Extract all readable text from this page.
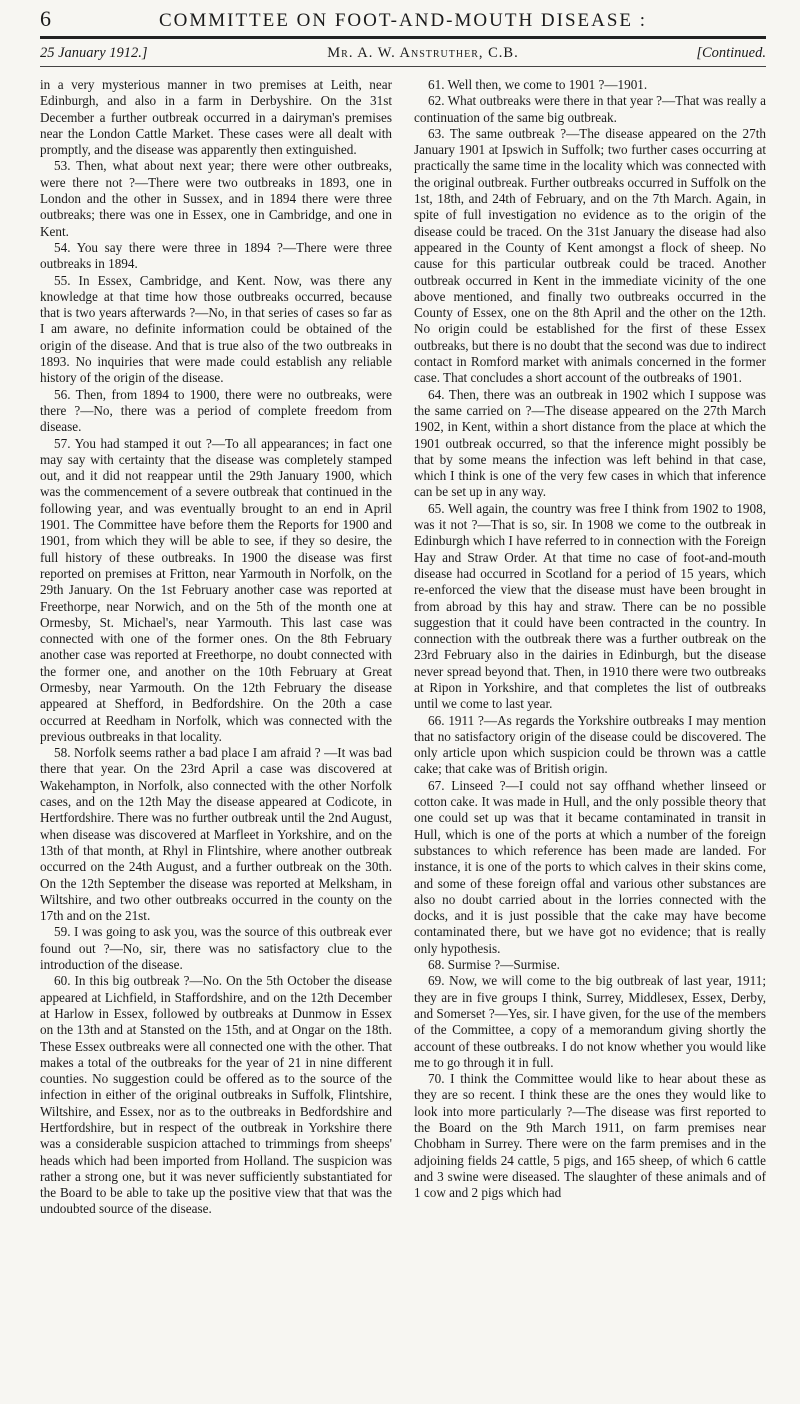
6	COMMITTEE ON FOOT-AND-MOUTH DISEASE :
25 January 1912.]	Mr. A. W. Anstruther, C.B.	[Continued.

in a very mysterious manner in two premises at Leith, near Edinburgh, and also in a farm in Derbyshire. On the 31st December a further outbreak occurred in a dairyman's premises near the London Cattle Market. These cases were all dealt with promptly, and the disease was apparently then extinguished.

53. Then, what about next year; there were other outbreaks, were there not ?—There were two outbreaks in 1893, one in London and the other in Sussex, and in 1894 there were three outbreaks; there was one in Essex, one in Cambridge, and one in Kent.

54. You say there were three in 1894 ?—There were three outbreaks in 1894.

55. In Essex, Cambridge, and Kent. Now, was there any knowledge at that time how those outbreaks occurred, because that is two years afterwards ?—No, in that series of cases so far as I am aware, no definite information could be obtained of the origin of the disease. And that is true also of the two outbreaks in 1893. No inquiries that were made could establish any reliable history of the origin of the disease.

56. Then, from 1894 to 1900, there were no outbreaks, were there ?—No, there was a period of complete freedom from disease.

57. You had stamped it out ?—To all appearances; in fact one may say with certainty that the disease was completely stamped out, and it did not reappear until the 29th January 1900, which was the commencement of a severe outbreak that continued in the following year, and was eventually brought to an end in April 1901. The Committee have before them the Reports for 1900 and 1901, from which they will be able to see, if they so desire, the full history of these outbreaks. In 1900 the disease was first reported on premises at Fritton, near Yarmouth in Norfolk, on the 29th January. On the 1st February another case was reported at Freethorpe, near Norwich, and on the 5th of the month one at Ormesby, St. Michael's, near Yarmouth. This last case was connected with one of the former ones. On the 8th February another case was reported at Freethorpe, no doubt connected with the former one, and another on the 10th February at Great Ormesby, near Yarmouth. On the 12th February the disease appeared at Shefford, in Bedfordshire. On the 20th a case occurred at Reedham in Norfolk, which was connected with the previous outbreaks in that locality.

58. Norfolk seems rather a bad place I am afraid ? —It was bad there that year. On the 23rd April a case was discovered at Wakehampton, in Norfolk, also connected with the other Norfolk cases, and on the 12th May the disease appeared at Codicote, in Hertfordshire. There was no further outbreak until the 2nd August, when disease was discovered at Marfleet in Yorkshire, and on the 13th of that month, at Rhyl in Flintshire, where another outbreak occurred on the 24th August, and a further outbreak on the 30th. On the 12th September the disease was reported at Melksham, in Wiltshire, and two other outbreaks occurred in the county on the 17th and on the 21st.

59. I was going to ask you, was the source of this outbreak ever found out ?—No, sir, there was no satisfactory clue to the introduction of the disease.

60. In this big outbreak ?—No. On the 5th October the disease appeared at Lichfield, in Staffordshire, and on the 12th December at Harlow in Essex, followed by outbreaks at Dunmow in Essex on the 13th and at Stansted on the 15th, and at Ongar on the 18th. These Essex outbreaks were all connected one with the other. That makes a total of the outbreaks for the year of 21 in nine different counties. No suggestion could be offered as to the source of the infection in either of the original outbreaks in Suffolk, Flintshire, Wiltshire, and Essex, nor as to the outbreaks in Bedfordshire and Hertfordshire, but in respect of the outbreak in Yorkshire there was a considerable suspicion attached to trimmings from sheeps' heads which had been imported from Holland. The suspicion was rather a strong one, but it was never sufficiently substantiated for the Board to be able to take up the positive view that that was the undoubted source of the disease.

61. Well then, we come to 1901 ?—1901.

62. What outbreaks were there in that year ?—That was really a continuation of the same big outbreak.

63. The same outbreak ?—The disease appeared on the 27th January 1901 at Ipswich in Suffolk; two further cases occurring at practically the same time in the locality which was connected with the original outbreak. Further outbreaks occurred in Suffolk on the 1st, 18th, and 24th of February, and on the 7th March. Again, in spite of full investigation no evidence as to the origin of the disease could be traced. On the 31st January the disease had also appeared in the County of Kent amongst a flock of sheep. No cause for this particular outbreak could be traced. Another outbreak occurred in Kent in the immediate vicinity of the one above mentioned, and finally two outbreaks occurred in the County of Essex, one on the 8th April and the other on the 12th. No origin could be established for the first of these Essex outbreaks, but there is no doubt that the second was due to indirect contact in Romford market with animals concerned in the former case. That concludes a short account of the outbreaks of 1901.

64. Then, there was an outbreak in 1902 which I suppose was the same carried on ?—The disease appeared on the 27th March 1902, in Kent, within a short distance from the place at which the 1901 outbreak occurred, so that the inference might possibly be that by some means the infection was left behind in that case, which I think is one of the very few cases in which that inference can be set up in any way.

65. Well again, the country was free I think from 1902 to 1908, was it not ?—That is so, sir. In 1908 we come to the outbreak in Edinburgh which I have referred to in connection with the Foreign Hay and Straw Order. At that time no case of foot-and-mouth disease had occurred in Scotland for a period of 15 years, which re-enforced the view that the disease must have been brought in from abroad by this hay and straw. There can be no possible suggestion that it could have been contracted in the country. In connection with the outbreak there was a further outbreak on the 23rd February also in the dairies in Edinburgh, but the disease never spread beyond that. Then, in 1910 there were two outbreaks at Ripon in Yorkshire, and that completes the list of outbreaks until we come to last year.

66. 1911 ?—As regards the Yorkshire outbreaks I may mention that no satisfactory origin of the disease could be discovered. The only article upon which suspicion could be thrown was a cattle cake; that cake was of British origin.

67. Linseed ?—I could not say offhand whether linseed or cotton cake. It was made in Hull, and the only possible theory that one could set up was that it became contaminated in transit in Hull, which is one of the ports at which a number of the foreign substances to which reference has been made are landed. For instance, it is one of the ports to which calves in their skins come, and some of these foreign offal and various other substances are also no doubt carried about in the lorries connected with the docks, and it is just possible that the cake may have become contaminated there, but we have got no evidence; that is really only hypothesis.

68. Surmise ?—Surmise.

69. Now, we will come to the big outbreak of last year, 1911; they are in five groups I think, Surrey, Middlesex, Essex, Derby, and Somerset ?—Yes, sir. I have given, for the use of the members of the Committee, a copy of a memorandum giving shortly the account of these outbreaks. I do not know whether you would like me to go through it in full.

70. I think the Committee would like to hear about these as they are so recent. I think these are the ones they would like to look into more particularly ?—The disease was first reported to the Board on the 9th March 1911, on farm premises near Chobham in Surrey. There were on the farm premises and in the adjoining fields 24 cattle, 5 pigs, and 165 sheep, of which 6 cattle and 3 swine were diseased. The slaughter of these animals and of 1 cow and 2 pigs which had
